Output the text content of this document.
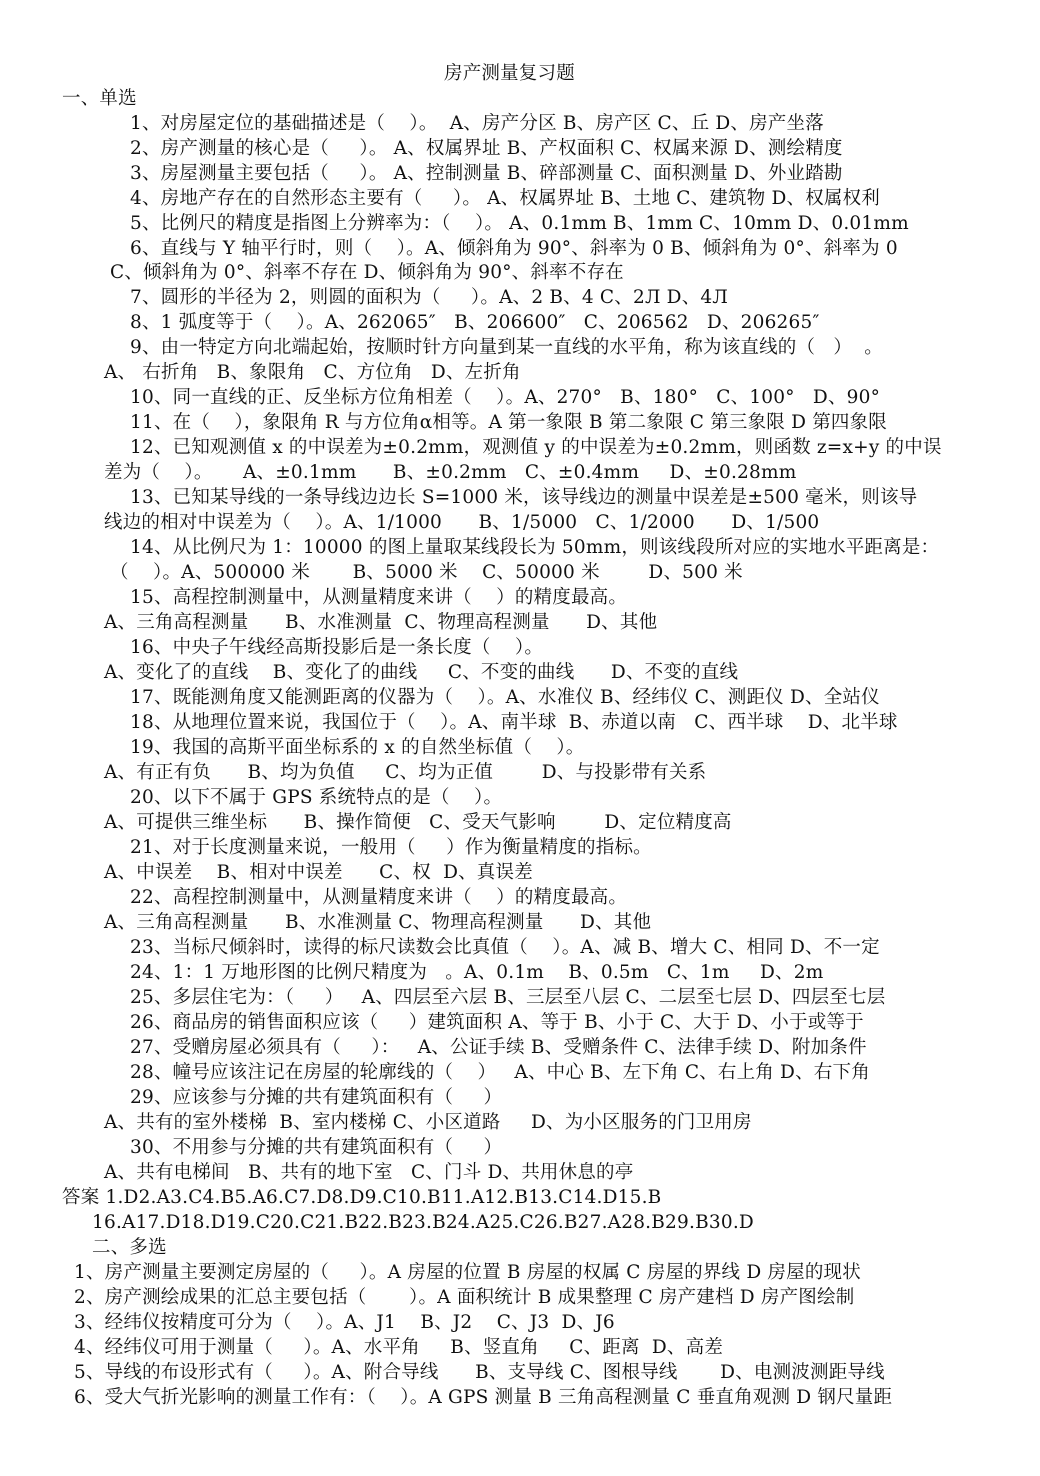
房产测量复习题
一、单选
1、对房屋定位的基础描述是（    ）。  A、房产分区 B、房产区 C、丘 D、房产坐落
2、房产测量的核心是（     ）。 A、权属界址 B、产权面积 C、权属来源 D、测绘精度
3、房屋测量主要包括（     ）。 A、控制测量 B、碎部测量 C、面积测量 D、外业踏勘
4、房地产存在的自然形态主要有（     ）。 A、权属界址 B、土地 C、建筑物 D、权属权利
5、比例尺的精度是指图上分辨率为：（    ）。 A、0.1mm B、1mm C、10mm D、0.01mm
6、直线与 Y 轴平行时，则（    ）。A、倾斜角为 90°、斜率为 0 B、倾斜角为 0°、斜率为 0
C、倾斜角为 0°、斜率不存在 D、倾斜角为 90°、斜率不存在
7、圆形的半径为 2，则圆的面积为（     ）。A、2 B、4 C、2Л D、4Л
8、1 弧度等于（    ）。A、262065″   B、206600″   C、206562   D、206265″
9、由一特定方向北端起始，按顺时针方向量到某一直线的水平角，称为该直线的（   ）  。
A、 右折角   B、象限角   C、方位角   D、左折角
10、同一直线的正、反坐标方位角相差（    ）。A、270°   B、180°   C、100°   D、90°
11、在（    ），象限角 R 与方位角α相等。A 第一象限 B 第二象限 C 第三象限 D 第四象限
12、已知观测值 x 的中误差为±0.2mm，观测值 y 的中误差为±0.2mm，则函数 z=x+y 的中误
差为（    ）。     A、±0.1mm      B、±0.2mm   C、±0.4mm     D、±0.28mm
13、已知某导线的一条导线边边长 S=1000 米，该导线边的测量中误差是±500 毫米，则该导
线边的相对中误差为（    ）。A、1/1000      B、1/5000   C、1/2000      D、1/500
14、从比例尺为 1：10000 的图上量取某线段长为 50mm，则该线段所对应的实地水平距离是：
（    ）。A、500000 米       B、5000 米    C、50000 米        D、500 米
15、高程控制测量中，从测量精度来讲（    ）的精度最高。
A、三角高程测量      B、水准测量  C、物理高程测量      D、其他
16、中央子午线经高斯投影后是一条长度（    ）。
A、变化了的直线    B、变化了的曲线     C、不变的曲线      D、不变的直线
17、既能测角度又能测距离的仪器为（    ）。A、水准仪 B、经纬仪 C、测距仪 D、全站仪
18、从地理位置来说，我国位于（    ）。A、南半球  B、赤道以南   C、西半球    D、北半球
19、我国的高斯平面坐标系的 x 的自然坐标值（    ）。
A、有正有负      B、均为负值     C、均为正值        D、与投影带有关系
20、以下不属于 GPS 系统特点的是（    ）。
A、可提供三维坐标      B、操作简便   C、受天气影响        D、定位精度高
21、对于长度测量来说，一般用（     ）作为衡量精度的指标。
A、中误差    B、相对中误差      C、权  D、真误差
22、高程控制测量中，从测量精度来讲（    ）的精度最高。
A、三角高程测量      B、水准测量 C、物理高程测量      D、其他
23、当标尺倾斜时，读得的标尺读数会比真值（    ）。A、减 B、增大 C、相同 D、不一定
24、1：1 万地形图的比例尺精度为   。A、0.1m    B、0.5m   C、1m     D、2m
25、多层住宅为：（     ）   A、四层至六层 B、三层至八层 C、二层至七层 D、四层至七层
26、商品房的销售面积应该（     ）建筑面积 A、等于 B、小于 C、大于 D、小于或等于
27、受赠房屋必须具有（     ）：   A、公证手续 B、受赠条件 C、法律手续 D、附加条件
28、幢号应该注记在房屋的轮廓线的（    ）   A、中心 B、左下角 C、右上角 D、右下角
29、应该参与分摊的共有建筑面积有（     ）
A、共有的室外楼梯  B、室内楼梯 C、小区道路     D、为小区服务的门卫用房
30、不用参与分摊的共有建筑面积有（     ）
A、共有电梯间   B、共有的地下室   C、门斗 D、共用休息的亭
答案 1.D2.A3.C4.B5.A6.C7.D8.D9.C10.B11.A12.B13.C14.D15.B
16.A17.D18.D19.C20.C21.B22.B23.B24.A25.C26.B27.A28.B29.B30.D
二、多选
1、房产测量主要测定房屋的（     ）。A 房屋的位置 B 房屋的权属 C 房屋的界线 D 房屋的现状
2、房产测绘成果的汇总主要包括（       ）。A 面积统计 B 成果整理 C 房产建档 D 房产图绘制
3、经纬仪按精度可分为（    ）。A、J1    B、J2    C、J3  D、J6
4、经纬仪可用于测量（     ）。A、水平角     B、竖直角     C、距离  D、高差
5、导线的布设形式有（     ）。A、附合导线      B、支导线 C、图根导线       D、电测波测距导线
6、受大气折光影响的测量工作有：（    ）。A GPS 测量 B 三角高程测量 C 垂直角观测 D 钢尺量距
